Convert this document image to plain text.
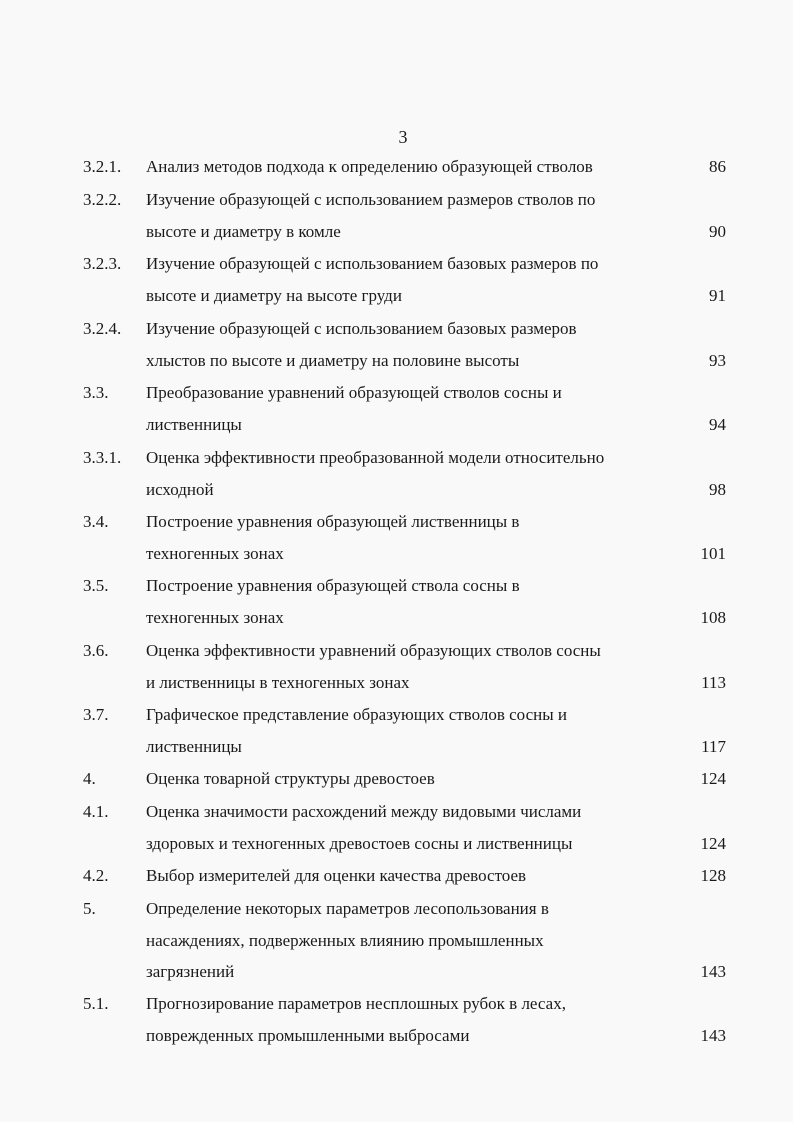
3
3.2.1. Анализ методов подхода к определению образующей стволов	86
3.2.2. Изучение образующей с использованием размеров стволов по
высоте и диаметру в комле	90
3.2.3. Изучение образующей с использованием базовых размеров по
высоте и диаметру на высоте груди	91
3.2.4. Изучение образующей с использованием базовых размеров
хлыстов по высоте и диаметру на половине высоты	93
3.3. Преобразование уравнений образующей стволов сосны и
лиственницы	94
3.3.1. Оценка эффективности преобразованной модели относительно
исходной	98
3.4. Построение уравнения образующей лиственницы в
техногенных зонах	101
3.5. Построение уравнения образующей ствола сосны в
техногенных зонах	108
3.6. Оценка эффективности уравнений образующих стволов сосны
и лиственницы в техногенных зонах	113
3.7. Графическое представление образующих стволов сосны и
лиственницы	117
4.	Оценка товарной структуры древостоев	124
4.1. Оценка значимости расхождений между видовыми числами
здоровых и техногенных древостоев сосны и лиственницы	124
4.2. Выбор измерителей для оценки качества древостоев	128
5.	Определение некоторых параметров лесопользования в
насаждениях, подверженных влиянию промышленных
загрязнений	143
5.1. Прогнозирование параметров несплошных рубок в лесах,
поврежденных промышленными выбросами	143
